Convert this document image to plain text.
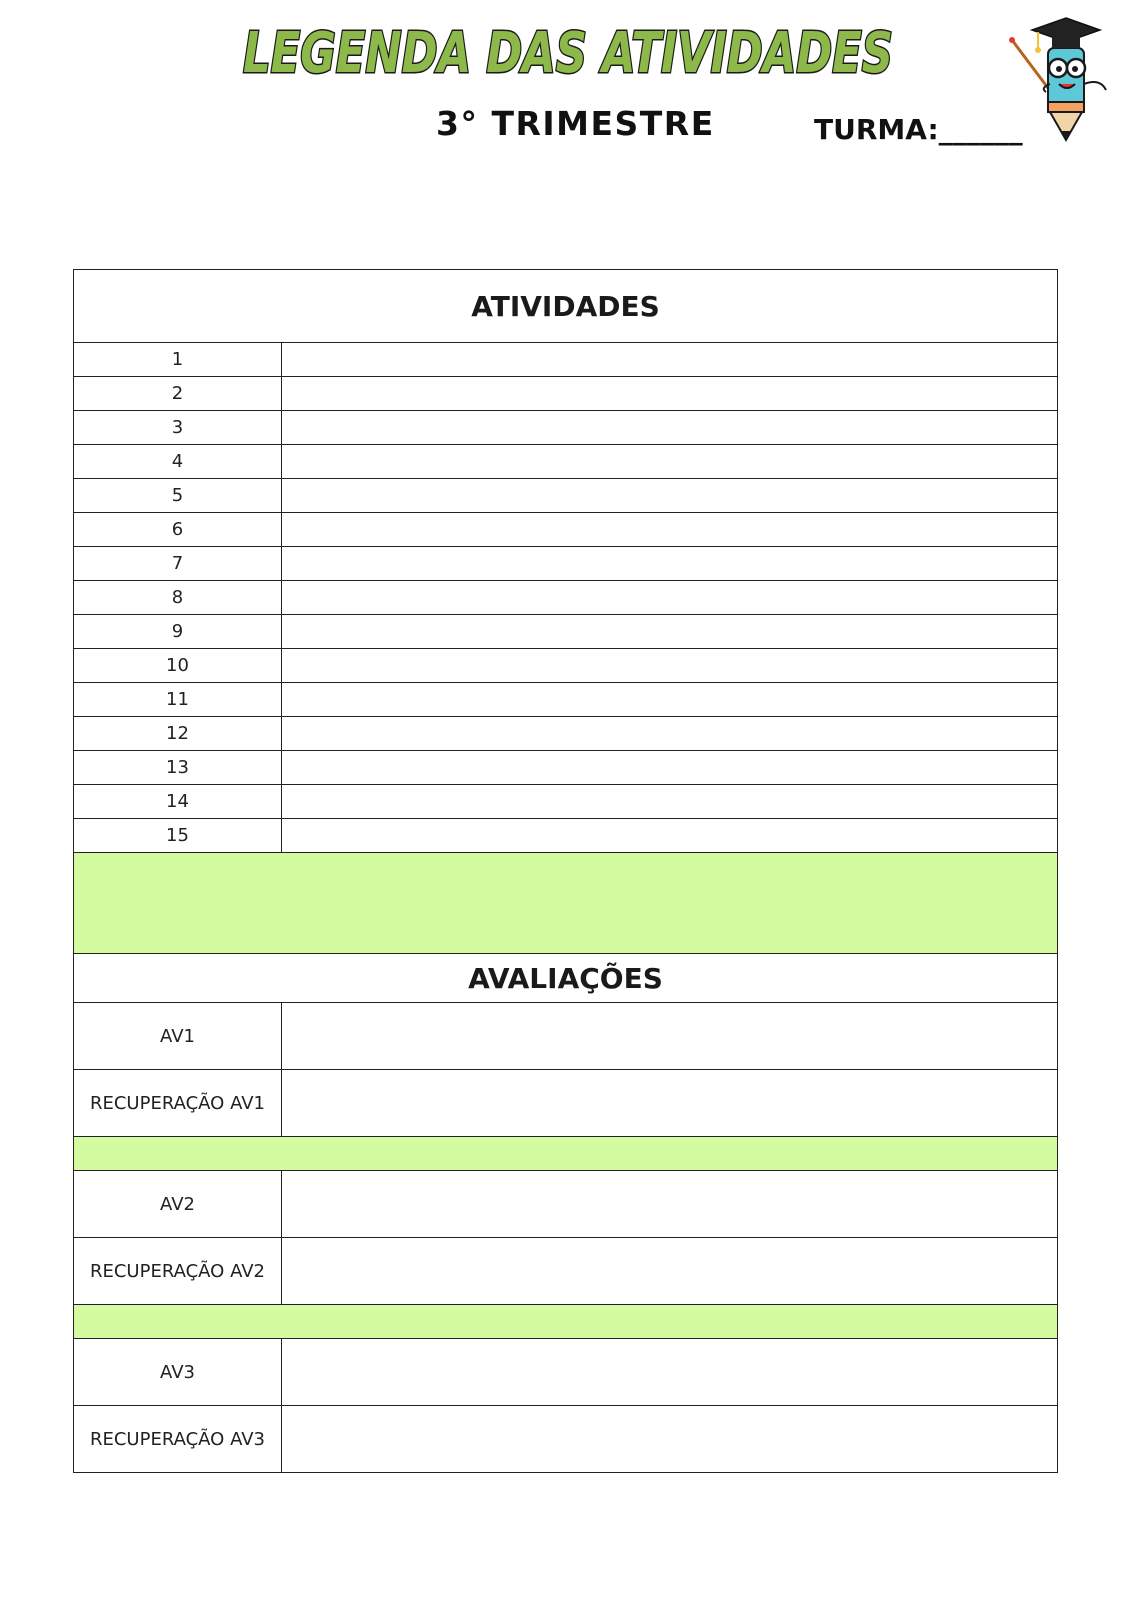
LEGENDA DAS ATIVIDADES
3° TRIMESTRE	TURMA:______
ATIVIDADES	
1	
2	
3	
4	
5	
6	
7	
8	
9	
10	
11	
12	
13	
14	
15	

AVALIAÇÕES	
AV1	
RECUPERAÇÃO AV1	

AV2	
RECUPERAÇÃO AV2	

AV3	
RECUPERAÇÃO AV3	
